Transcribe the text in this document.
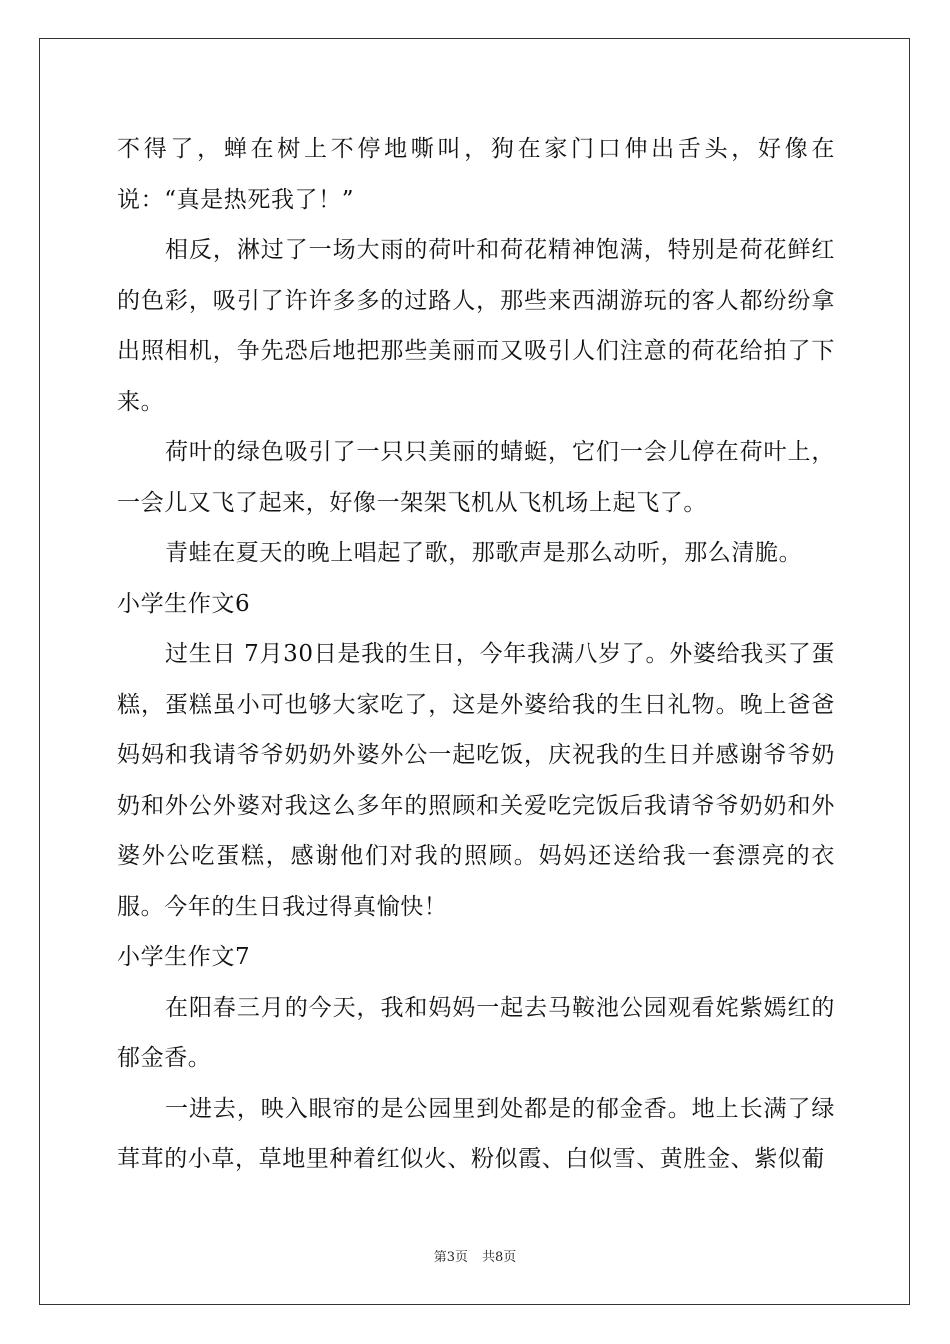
不得了，蝉在树上不停地嘶叫，狗在家门口伸出舌头，好像在说：“真是热死我了！”

相反，淋过了一场大雨的荷叶和荷花精神饱满，特别是荷花鲜红的色彩，吸引了许许多多的过路人，那些来西湖游玩的客人都纷纷拿出照相机，争先恐后地把那些美丽而又吸引人们注意的荷花给拍了下来。

荷叶的绿色吸引了一只只美丽的蜻蜓，它们一会儿停在荷叶上，一会儿又飞了起来，好像一架架飞机从飞机场上起飞了。

青蛙在夏天的晚上唱起了歌，那歌声是那么动听，那么清脆。

小学生作文6

过生日 7月30日是我的生日，今年我满八岁了。外婆给我买了蛋糕，蛋糕虽小可也够大家吃了，这是外婆给我的生日礼物。晚上爸爸妈妈和我请爷爷奶奶外婆外公一起吃饭，庆祝我的生日并感谢爷爷奶奶和外公外婆对我这么多年的照顾和关爱吃完饭后我请爷爷奶奶和外婆外公吃蛋糕，感谢他们对我的照顾。妈妈还送给我一套漂亮的衣服。今年的生日我过得真愉快！

小学生作文7

在阳春三月的今天，我和妈妈一起去马鞍池公园观看姹紫嫣红的郁金香。

一进去，映入眼帘的是公园里到处都是的郁金香。地上长满了绿茸茸的小草，草地里种着红似火、粉似霞、白似雪、黄胜金、紫似葡

第3页 共8页
